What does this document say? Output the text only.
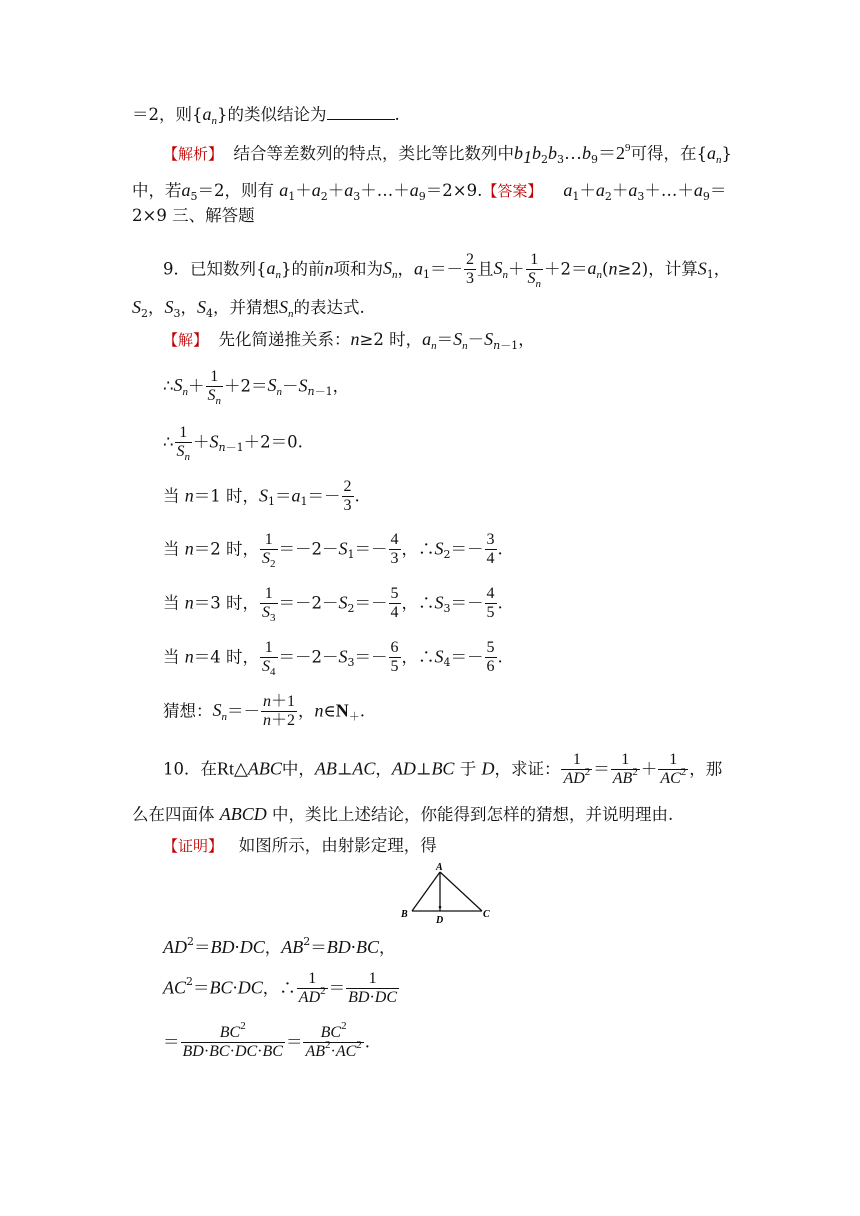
＝2，则$\{a_n\}$的类似结论为	.
【解析】 结合等差数列的特点，类比等比数列中$b_1b_2b_3\dots b_9=2^9$可得，在$\{a_n\}$
中，若$a_5=2$，则有 $a_1+a_2+a_3+\dots+a_9=2\times 9$.【答案】 $a_1+a_2+a_3+\dots+a_9=$
2×9 三、解答题
9．已知数列$\{a_n\}$的前n项和为$S_n$，$a_1=- \frac{2}{3}$ 且$S_n+ \frac{1}{S_n} +2=a_n(n\ge 2)$，计算$S_1$，
$S_2$，$S_3$，$S_4$，并猜想$S_n$的表达式.
【解】 先化简递推关系：n≥2 时，$a_n=S_n-S_{n-1}$，
$\therefore S_n+ \frac{1}{S_n} +2=S_n-S_{n-1}$，
∴ $\frac{1}{S_n} +S_{n-1}+2=0$.
当 n＝1 时，$S_1=a_1=- \frac{2}{3}$ .
当 n＝2 时， $\frac{1}{S_2} =-2-S_1=- \frac{4}{3}$ ，$\therefore S_2=- \frac{3}{4}$ .
当 n＝3 时， $\frac{1}{S_3} =-2-S_2=- \frac{5}{4}$ ，$\therefore S_3=- \frac{4}{5}$ .
当 n＝4 时， $\frac{1}{S_4} =-2-S_3=- \frac{6}{5}$ ，$\therefore S_4=- \frac{5}{6}$ .
猜想：$S_n=- \frac{n+1}{n+2}$ ，$n\in N_+$.
10．在Rt△ABC中，AB⊥AC，AD⊥BC 于 D，求证： $\frac{1}{AD^2} = \frac{1}{AB^2} + \frac{1}{AC^2}$ ，那
么在四面体 ABCD 中，类比上述结论，你能得到怎样的猜想，并说明理由.
【证明】 如图所示，由射影定理，得
A
B	C
D
$AD^2=BD\cdot DC$，$AB^2=BD\cdot BC$，
$AC^2=BC\cdot DC$，∴ $\frac{1}{AD^2} = \frac{1}{BD\cdot DC}$
＝ $\frac{BC^2}{BD\cdot BC\cdot DC\cdot BC} = \frac{BC^2}{AB^2\cdot AC^2}$ .
